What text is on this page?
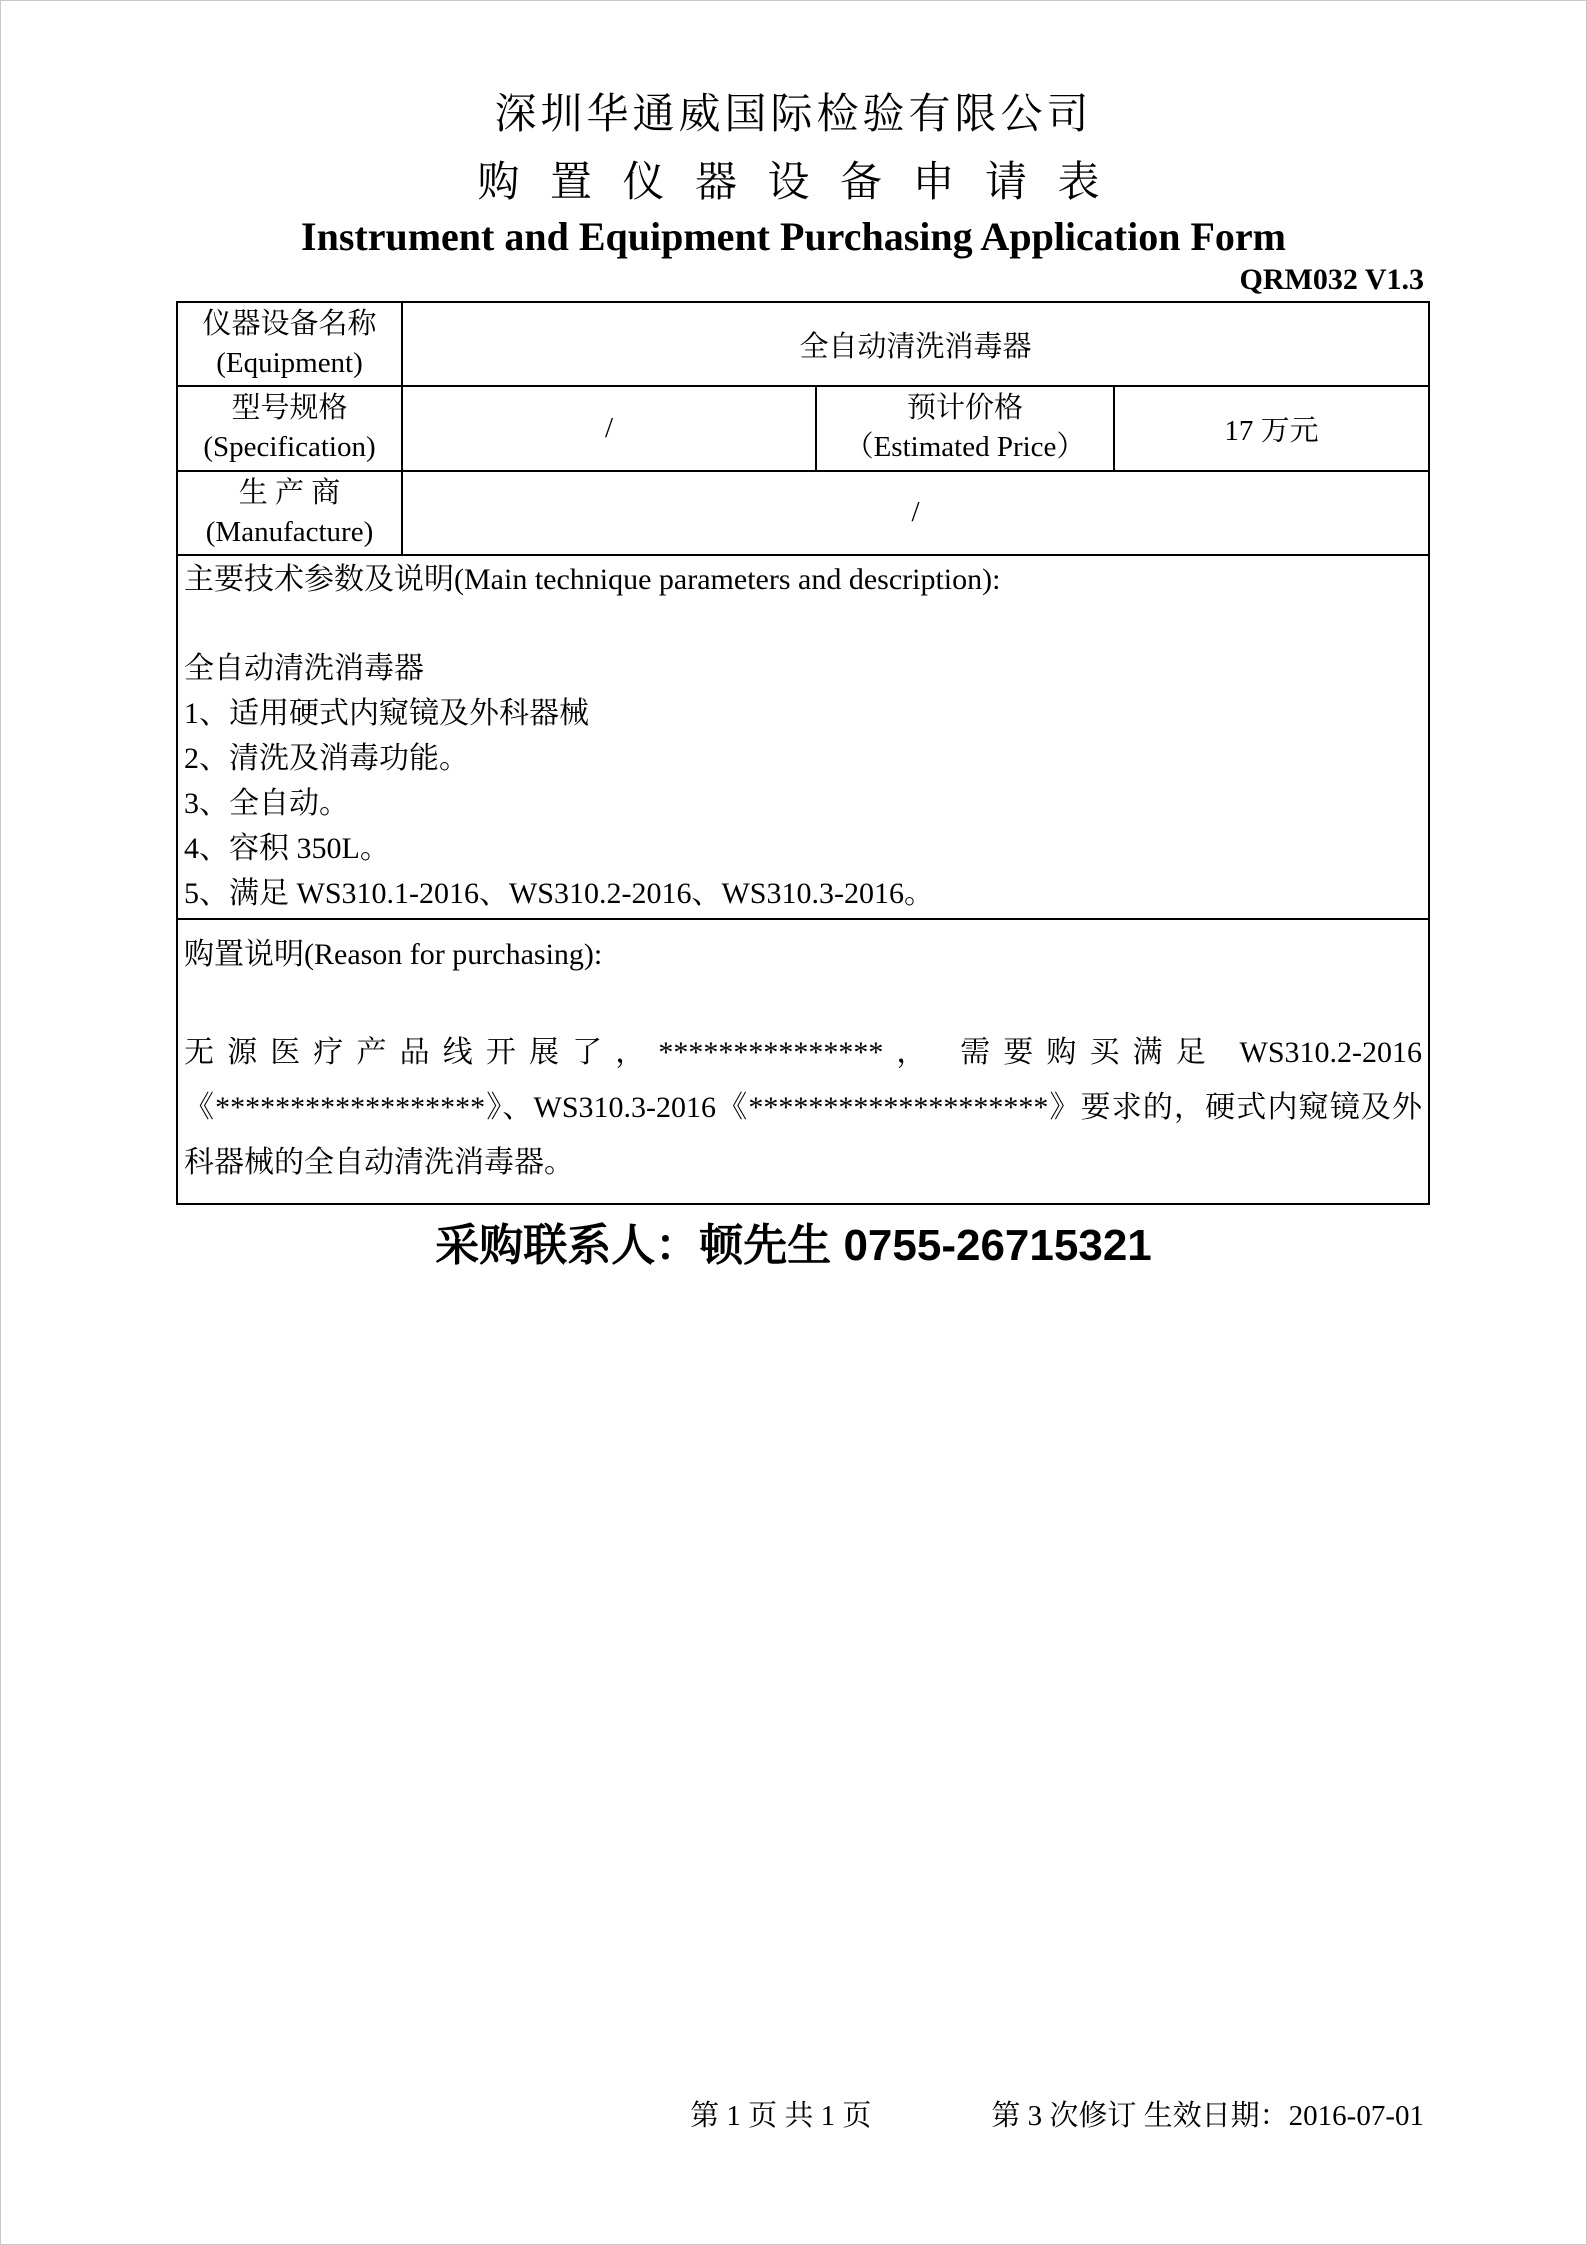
深圳华通威国际检验有限公司
购 置 仪 器 设 备 申 请 表
Instrument and Equipment Purchasing Application Form
QRM032 V1.3
仪器设备名称
(Equipment)	全自动清洗消毒器		

型号规格
(Specification)
	/	
预计价格
（Estimated Price）
	17 万元

生 产 商
(Manufacture)	/		

主要技术参数及说明(Main technique parameters and description):
全自动清洗消毒器
1、适用硬式内窥镜及外科器械
2、清洗及消毒功能。
3、全自动。
4、容积 350L。
5、满足 WS310.1-2016、WS310.2-2016、WS310.3-2016。

购置说明(Reason for purchasing):
无源医疗产品线开展了，***************， 需要购买满足 WS310.2-2016《******************》、WS310.3-2016《********************》要求的，硬式内窥镜及外科器械的全自动清洗消毒器。			
采购联系人：顿先生 0755-26715321
第 1 页 共 1 页	第 3 次修订 生效日期：2016-07-01
